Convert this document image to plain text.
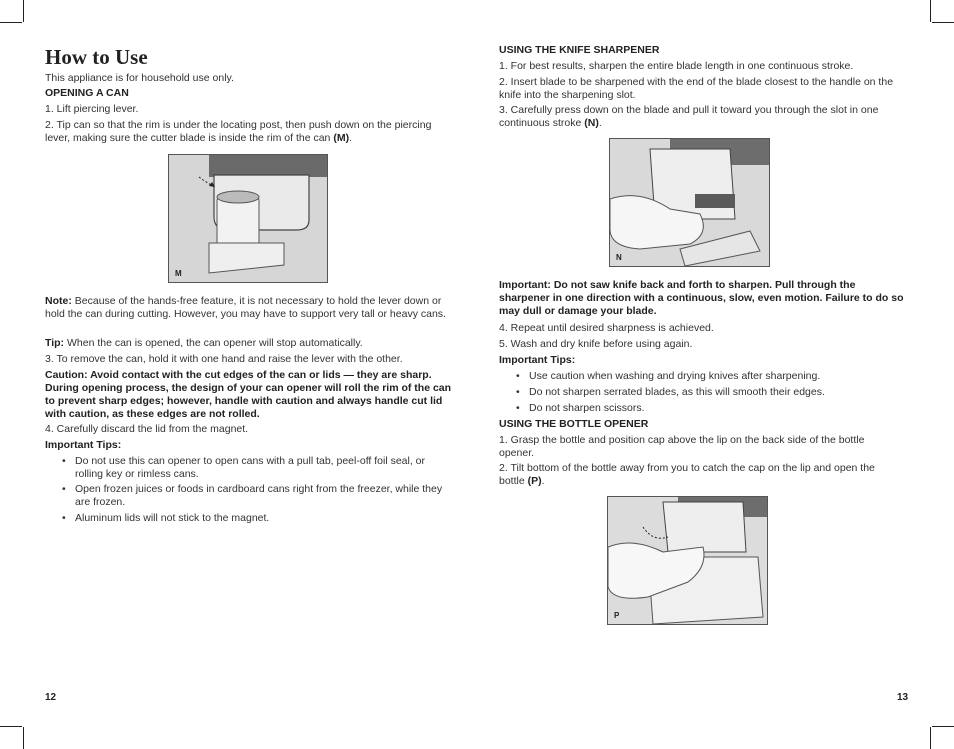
How to Use

This appliance is for household use only.

OPENING A CAN

1. Lift piercing lever.

2. Tip can so that the rim is under the locating post, then push down on the piercing lever, making sure the cutter blade is inside the rim of the can (M).

Note: Because of the hands-free feature, it is not necessary to hold the lever down or hold the can during cutting. However, you may have to support very tall or heavy cans.

Tip: When the can is opened, the can opener will stop automatically.

3. To remove the can, hold it with one hand and raise the lever with the other.

Caution: Avoid contact with the cut edges of the can or lids — they are sharp. During opening process, the design of your can opener will roll the rim of the can to prevent sharp edges; however, handle with caution and always handle cut lid with caution, as these edges are not rolled.

4. Carefully discard the lid from the magnet.

Important Tips:

• Do not use this can opener to open cans with a pull tab, peel-off foil seal, or rolling key or rimless cans.
• Open frozen juices or foods in cardboard cans right from the freezer, while they are frozen.
• Aluminum lids will not stick to the magnet.
M
12

USING THE KNIFE SHARPENER

1. For best results, sharpen the entire blade length in one continuous stroke.

2. Insert blade to be sharpened with the end of the blade closest to the handle on the knife into the sharpening slot.

3. Carefully press down on the blade and pull it toward you through the slot in one continuous stroke (N).

Important: Do not saw knife back and forth to sharpen. Pull through the sharpener in one direction with a continuous, slow, even motion. Failure to do so may dull or damage your blade.

4. Repeat until desired sharpness is achieved.

5. Wash and dry knife before using again.

Important Tips:

• Use caution when washing and drying knives after sharpening.
• Do not sharpen serrated blades, as this will smooth their edges.
• Do not sharpen scissors.

USING THE BOTTLE OPENER

1. Grasp the bottle and position cap above the lip on the back side of the bottle opener.

2. Tilt bottom of the bottle away from you to catch the cap on the lip and open the bottle (P).

N
P
13
